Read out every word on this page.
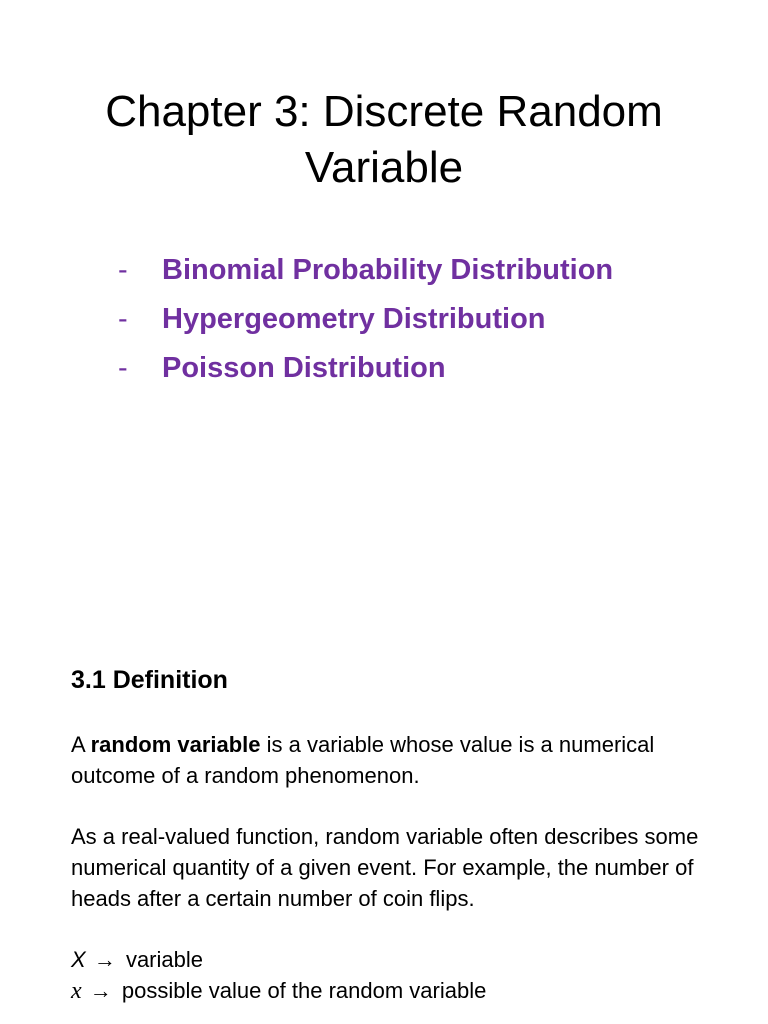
Chapter 3: Discrete Random
Variable
-	Binomial Probability Distribution
-	Hypergeometry Distribution
-	Poisson Distribution
3.1 Definition

A random variable is a variable whose value is a numerical outcome of a random phenomenon.

As a real-valued function, random variable often describes some numerical quantity of a given event. For example, the number of heads after a certain number of coin flips.

X → variable
x → possible value of the random variable
